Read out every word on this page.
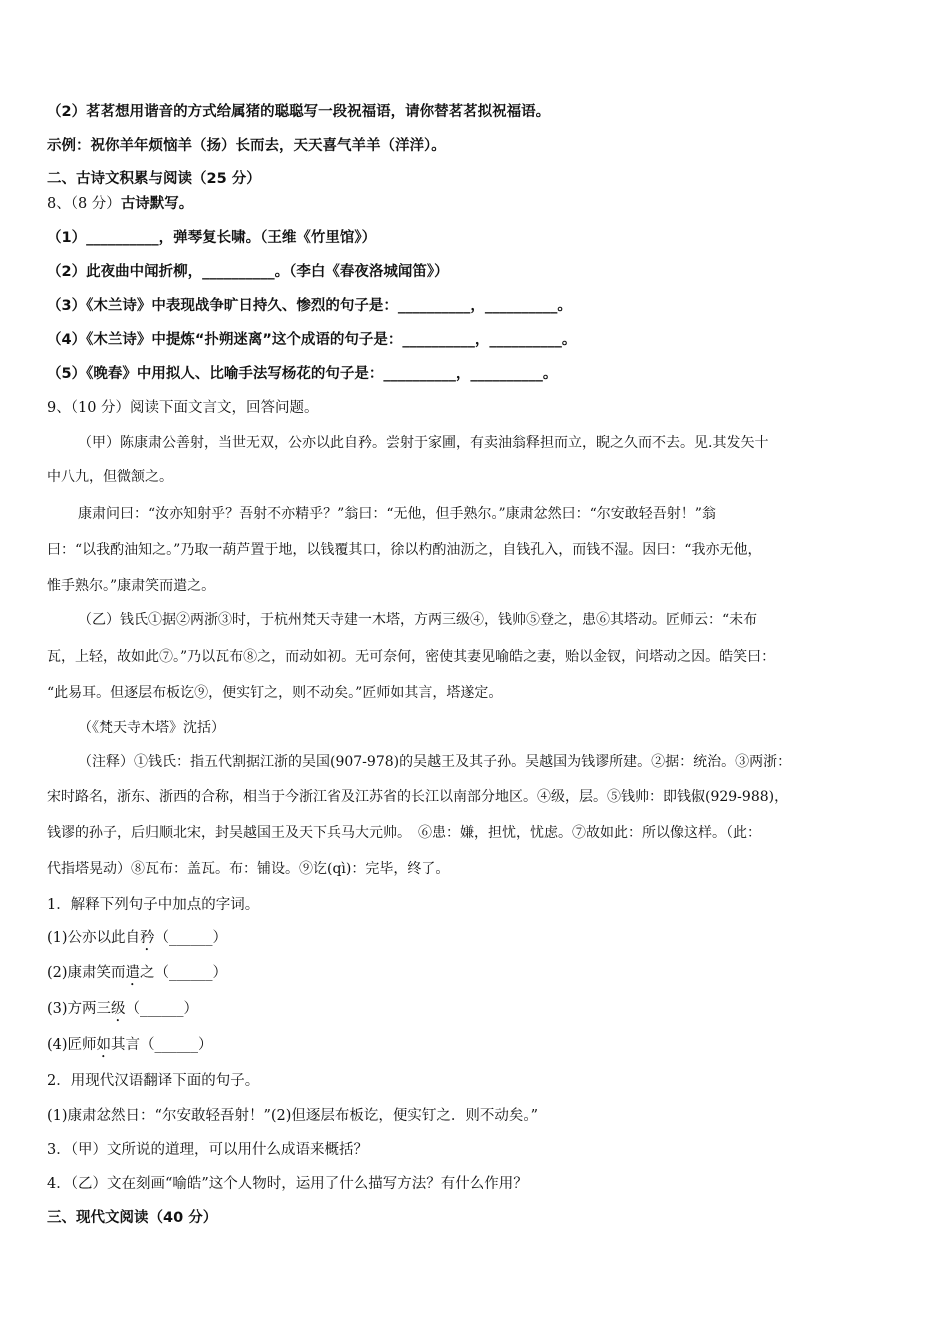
（2）茗茗想用谐音的方式给属猪的聪聪写一段祝福语，请你替茗茗拟祝福语。
示例：祝你羊年烦恼羊（扬）长而去，天天喜气羊羊（洋洋）。
二、古诗文积累与阅读（25 分）
8、（8 分）古诗默写。
（1）__________，弹琴复长啸。（王维《竹里馆》）
（2）此夜曲中闻折柳，__________。（李白《春夜洛城闻笛》）
（3）《木兰诗》中表现战争旷日持久、惨烈的句子是：__________，__________。
（4）《木兰诗》中提炼“扑朔迷离”这个成语的句子是：__________，__________。
（5）《晚春》中用拟人、比喻手法写杨花的句子是：__________，__________。
9、（10 分）阅读下面文言文，回答问题。
（甲）陈康肃公善射，当世无双，公亦以此自矜。尝射于家圃，有卖油翁释担而立，睨之久而不去。见.其发矢十
中八九，但微颔之。
康肃问曰：“汝亦知射乎？吾射不亦精乎？”翁曰：“无他，但手熟尔。”康肃忿然曰：“尔安敢轻吾射！”翁
曰：“以我酌油知之。”乃取一葫芦置于地，以钱覆其口，徐以杓酌油沥之，自钱孔入，而钱不湿。因曰：“我亦无他，
惟手熟尔。”康肃笑而遣之。
（乙）钱氏①据②两浙③时，于杭州梵天寺建一木塔，方两三级④，钱帅⑤登之，患⑥其塔动。匠师云：“未布
瓦，上轻，故如此⑦。”乃以瓦布⑧之，而动如初。无可奈何，密使其妻见喻皓之妻，贻以金钗，问塔动之因。皓笑曰：
“此易耳。但逐层布板讫⑨，便实钉之，则不动矣。”匠师如其言，塔遂定。
（《梵天寺木塔》沈括）
（注释）①钱氏：指五代割据江浙的吴国(907-978)的吴越王及其子孙。吴越国为钱谬所建。②据：统治。③两浙：
宋时路名，浙东、浙西的合称，相当于今浙江省及江苏省的长江以南部分地区。④级，层。⑤钱帅：即钱俶(929-988)，
钱谬的孙子，后归顺北宋，封吴越国王及天下兵马大元帅。　⑥患：嫌，担忧，忧虑。⑦故如此：所以像这样。（此：
代指塔晃动）⑧瓦布：盖瓦。布：铺设。⑨讫(qì)：完毕，终了。
1．解释下列句子中加点的字词。
(1)公亦以此自矜（______）
(2)康肃笑而遣之（______）
(3)方两三级（______）
(4)匠师如其言（______）
2．用现代汉语翻译下面的句子。
(1)康肃忿然日：“尔安敢轻吾射！”(2)但逐层布板讫，便实钉之．则不动矣。”
3．（甲）文所说的道理，可以用什么成语来概括？
4．（乙）文在刻画“喻皓”这个人物时，运用了什么描写方法？有什么作用？
三、现代文阅读（40 分）
